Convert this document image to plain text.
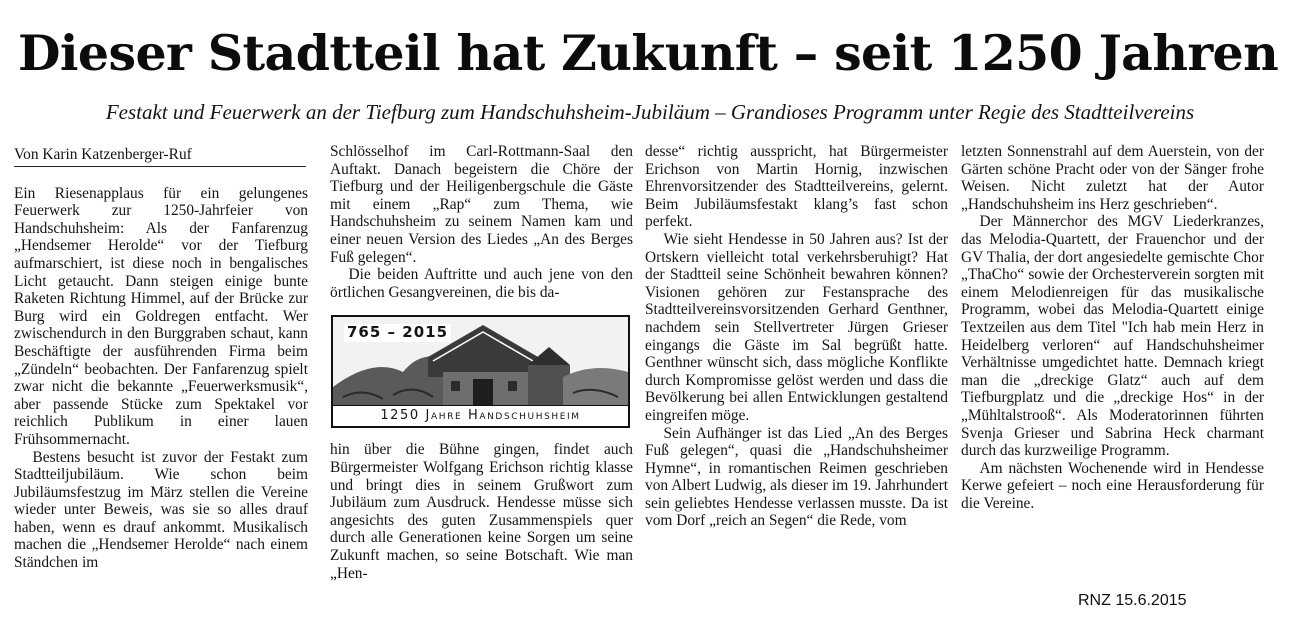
Dieser Stadtteil hat Zukunft – seit 1250 Jahren
Festakt und Feuerwerk an der Tiefburg zum Handschuhsheim-Jubiläum – Grandioses Programm unter Regie des Stadtteilvereins

Von Karin Katzenberger-Ruf

Ein Riesenapplaus für ein gelungenes Feuerwerk zur 1250-Jahrfeier von Handschuhsheim: Als der Fanfarenzug „Hendsemer Herolde“ vor der Tiefburg aufmarschiert, ist diese noch in bengalisches Licht getaucht. Dann steigen einige bunte Raketen Richtung Himmel, auf der Brücke zur Burg wird ein Goldregen entfacht. Wer zwischendurch in den Burggraben schaut, kann Beschäftigte der ausführenden Firma beim „Zündeln“ beobachten. Der Fanfarenzug spielt zwar nicht die bekannte „Feuerwerksmusik“, aber passende Stücke zum Spektakel vor reichlich Publikum in einer lauen Frühsommernacht.

Bestens besucht ist zuvor der Festakt zum Stadtteiljubiläum. Wie schon beim Jubiläumsfestzug im März stellen die Vereine wieder unter Beweis, was sie so alles drauf haben, wenn es drauf ankommt. Musikalisch machen die „Hendsemer Herolde“ nach einem Ständchen im

Schlösselhof im Carl-Rottmann-Saal den Auftakt. Danach begeistern die Chöre der Tiefburg und der Heiligenbergschule die Gäste mit einem „Rap“ zum Thema, wie Handschuhsheim zu seinem Namen kam und einer neuen Version des Liedes „An des Berges Fuß gelegen“.

Die beiden Auftritte und auch jene von den örtlichen Gesangvereinen, die bis da-

765 – 2015
1250 Jahre Handschuhsheim

hin über die Bühne gingen, findet auch Bürgermeister Wolfgang Erichson richtig klasse und bringt dies in seinem Grußwort zum Jubiläum zum Ausdruck. Hendesse müsse sich angesichts des guten Zusammenspiels quer durch alle Generationen keine Sorgen um seine Zukunft machen, so seine Botschaft. Wie man „Hen-

desse“ richtig ausspricht, hat Bürgermeister Erichson von Martin Hornig, inzwischen Ehrenvorsitzender des Stadtteilvereins, gelernt. Beim Jubiläumsfestakt klang’s fast schon perfekt.

Wie sieht Hendesse in 50 Jahren aus? Ist der Ortskern vielleicht total verkehrsberuhigt? Hat der Stadtteil seine Schönheit bewahren können? Visionen gehören zur Festansprache des Stadtteilvereinsvorsitzenden Gerhard Genthner, nachdem sein Stellvertreter Jürgen Grieser eingangs die Gäste im Sal begrüßt hatte. Genthner wünscht sich, dass mögliche Konflikte durch Kompromisse gelöst werden und dass die Bevölkerung bei allen Entwicklungen gestaltend eingreifen möge.

Sein Aufhänger ist das Lied „An des Berges Fuß gelegen“, quasi die „Handschuhsheimer Hymne“, in romantischen Reimen geschrieben von Albert Ludwig, als dieser im 19. Jahrhundert sein geliebtes Hendesse verlassen musste. Da ist vom Dorf „reich an Segen“ die Rede, vom

letzten Sonnenstrahl auf dem Auerstein, von der Gärten schöne Pracht oder von der Sänger frohe Weisen. Nicht zuletzt hat der Autor „Handschuhsheim ins Herz geschrieben“.

Der Männerchor des MGV Liederkranzes, das Melodia-Quartett, der Frauenchor und der GV Thalia, der dort angesiedelte gemischte Chor „ThaCho“ sowie der Orchesterverein sorgten mit einem Melodienreigen für das musikalische Programm, wobei das Melodia-Quartett einige Textzeilen aus dem Titel "Ich hab mein Herz in Heidelberg verloren“ auf Handschuhsheimer Verhältnisse umgedichtet hatte. Demnach kriegt man die „dreckige Glatz“ auch auf dem Tiefburgplatz und die „dreckige Hos“ in der „Mühltalstrooß“. Als Moderatorinnen führten Svenja Grieser und Sabrina Heck charmant durch das kurzweilige Programm.

Am nächsten Wochenende wird in Hendesse Kerwe gefeiert – noch eine Herausforderung für die Vereine.

RNZ 15.6.2015
